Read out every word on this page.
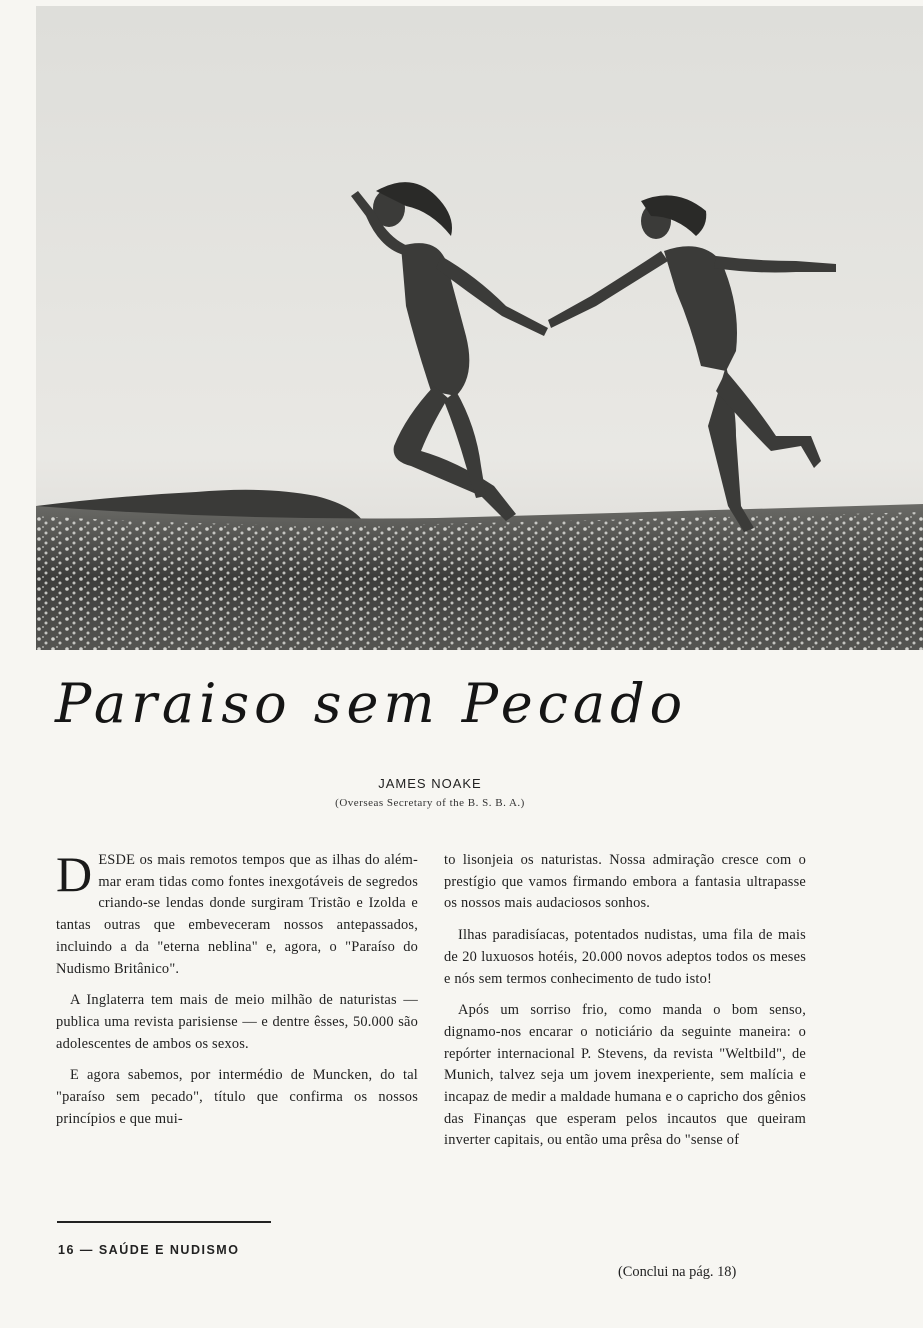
Paraiso sem Pecado
JAMES NOAKE
(Overseas Secretary of the B. S. B. A.)

D ESDE os mais remotos tempos que as ilhas do além-mar eram tidas como fontes inexgotáveis de segredos criando-se lendas donde surgiram Tristão e Izolda e tantas outras que embeveceram nossos antepassados, incluindo a da "eterna neblina" e, agora, o "Paraíso do Nudismo Britânico".

A Inglaterra tem mais de meio milhão de naturistas — publica uma revista parisiense — e dentre êsses, 50.000 são adolescentes de ambos os sexos.

E agora sabemos, por intermédio de Muncken, do tal "paraíso sem pecado", título que confirma os nossos princípios e que mui-

to lisonjeia os naturistas. Nossa admiração cresce com o prestígio que vamos firmando embora a fantasia ultrapasse os nossos mais audaciosos sonhos.

Ilhas paradisíacas, potentados nudistas, uma fila de mais de 20 luxuosos hotéis, 20.000 novos adeptos todos os meses e nós sem termos conhecimento de tudo isto!

Após um sorriso frio, como manda o bom senso, dignamo-nos encarar o noticiário da seguinte maneira: o repórter internacional P. Stevens, da revista "Weltbild", de Munich, talvez seja um jovem inexperiente, sem malícia e incapaz de medir a maldade humana e o capricho dos gênios das Finanças que esperam pelos incautos que queiram inverter capitais, ou então uma prêsa do "sense of

16 — SAÚDE E NUDISMO
(Conclui na pág. 18)
